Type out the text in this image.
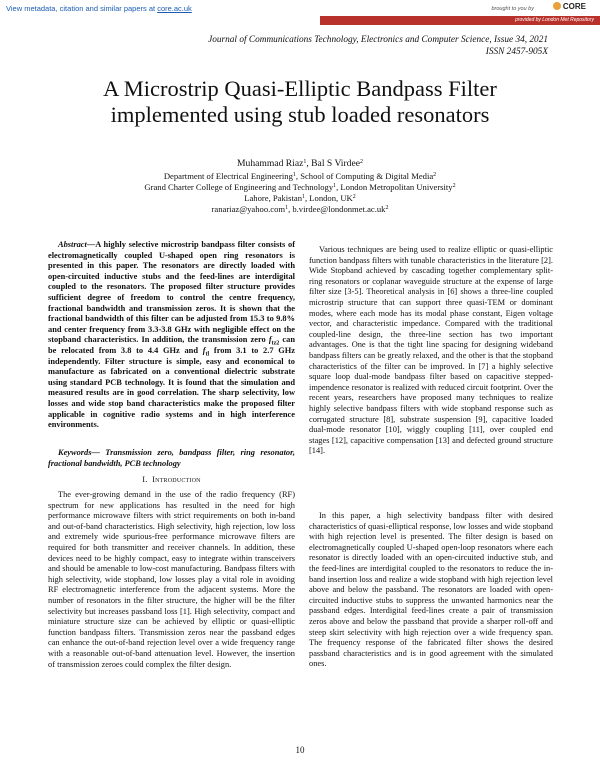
View metadata, citation and similar papers at core.ac.uk	brought to you by	CORE
provided by London Met Repository
Journal of Communications Technology, Electronics and Computer Science, Issue 34, 2021
ISSN 2457-905X
A Microstrip Quasi-Elliptic Bandpass Filter
implemented using stub loaded resonators
Muhammad Riaz$^1$, Bal S Virdee$^2$
Department of Electrical Engineering$^1$, School of Computing & Digital Media$^2$
Grand Charter College of Engineering and Technology$^1$, London Metropolitan University$^2$
Lahore, Pakistan$^1$, London, $UK^2$
ranariaz@yahoo.com$^1$, $b.virdee@londonmet.ac.uk^2$
Abstract—A highly selective microstrip bandpass filter consists of electromagnetically coupled U-shaped open ring resonators is presented in this paper. The resonators are directly loaded with open-circuited inductive stubs and the feed-lines are interdigital coupled to the resonators. The proposed filter structure provides sufficient degree of freedom to control the centre frequency, fractional bandwidth and transmission zeros. It is shown that the fractional bandwidth of this filter can be adjusted from 15.3 to 9.8% and center frequency from 3.3-3.8 GHz with negligible effect on the stopband characteristics. In addition, the transmission zero $f_{tz2}$ can be relocated from 3.8 to 4.4 GHz and $f_{tl}$ from 3.1 to 2.7 GHz independently. Filter structure is simple, easy and economical to manufacture as fabricated on a conventional dielectric substrate using standard PCB technology. It is found that the simulation and measured results are in good correlation. The sharp selectivity, low losses and wide stop band characteristics make the proposed filter applicable in cognitive radio systems and in high interference environments.
Keywords— Transmission zero, bandpass filter, ring resonator, fractional bandwidth, PCB technology
I. Introduction
The ever-growing demand in the use of the radio frequency (RF) spectrum for new applications has resulted in the need for high performance microwave filters with strict requirements on both in-band and out-of-band characteristics. High selectivity, high rejection, low loss and extremely wide spurious-free performance microwave filters are required for both transmitter and receiver channels. In addition, these devices need to be highly compact, easy to integrate within transceivers and should be amenable to low-cost manufacturing. Bandpass filters with high selectivity, wide stopband, low losses play a vital role in avoiding RF electromagnetic interference from the adjacent systems. More the number of resonators in the filter structure, the higher will be the filter selectivity but increases passband loss [1]. High selectivity, compact and miniature structure size can be achieved by elliptic or quasi-elliptic function bandpass filters. Transmission zeros near the passband edges can enhance the out-of-band rejection level over a wide frequency range with a reasonable out-of-band attenuation level. However, the insertion of transmission zeroes could complex the filter design.
Various techniques are being used to realize elliptic or quasi-elliptic function bandpass filters with tunable characteristics in the literature [2]. Wide Stopband achieved by cascading together complementary split-ring resonators or coplanar waveguide structure at the expense of large filter size [3-5]. Theoretical analysis in [6] shows a three-line coupled microstrip structure that can support three quasi-TEM or dominant modes, where each mode has its modal phase constant, Eigen voltage vector, and characteristic impedance. Compared with the traditional coupled-line design, the three-line section has two important advantages. One is that the tight line spacing for designing wideband bandpass filters can be greatly relaxed, and the other is that the stopband characteristics of the filter can be improved. In [7] a highly selective square loop dual-mode bandpass filter based on capacitive stepped-impendence resonator is realized with reduced circuit footprint. Over the recent years, researchers have proposed many techniques to realize highly selective bandpass filters with wide stopband response such as corrugated structure [8], substrate suspension [9], capacitive loaded dual-mode resonator [10], wiggly coupling [11], over coupled end stages [12], capacitive compensation [13] and defected ground structure [14].
In this paper, a high selectivity bandpass filter with desired characteristics of quasi-elliptical response, low losses and wide stopband with high rejection level is presented. The filter design is based on electromagnetically coupled U-shaped open-loop resonators where each resonator is directly loaded with an open-circuited inductive stub, and the feed-lines are interdigital coupled to the resonators to reduce the in-band insertion loss and realize a wide stopband with high rejection level above and below the passband. The resonators are loaded with open-circuited inductive stubs to suppress the unwanted harmonics near the passband edges. Interdigital feed-lines create a pair of transmission zeros above and below the passband that provide a sharper roll-off and steep skirt selectivity with high rejection over a wide frequency span. The frequency response of the fabricated filter shows the desired passband characteristics and is in good agreement with the simulated ones.
10
